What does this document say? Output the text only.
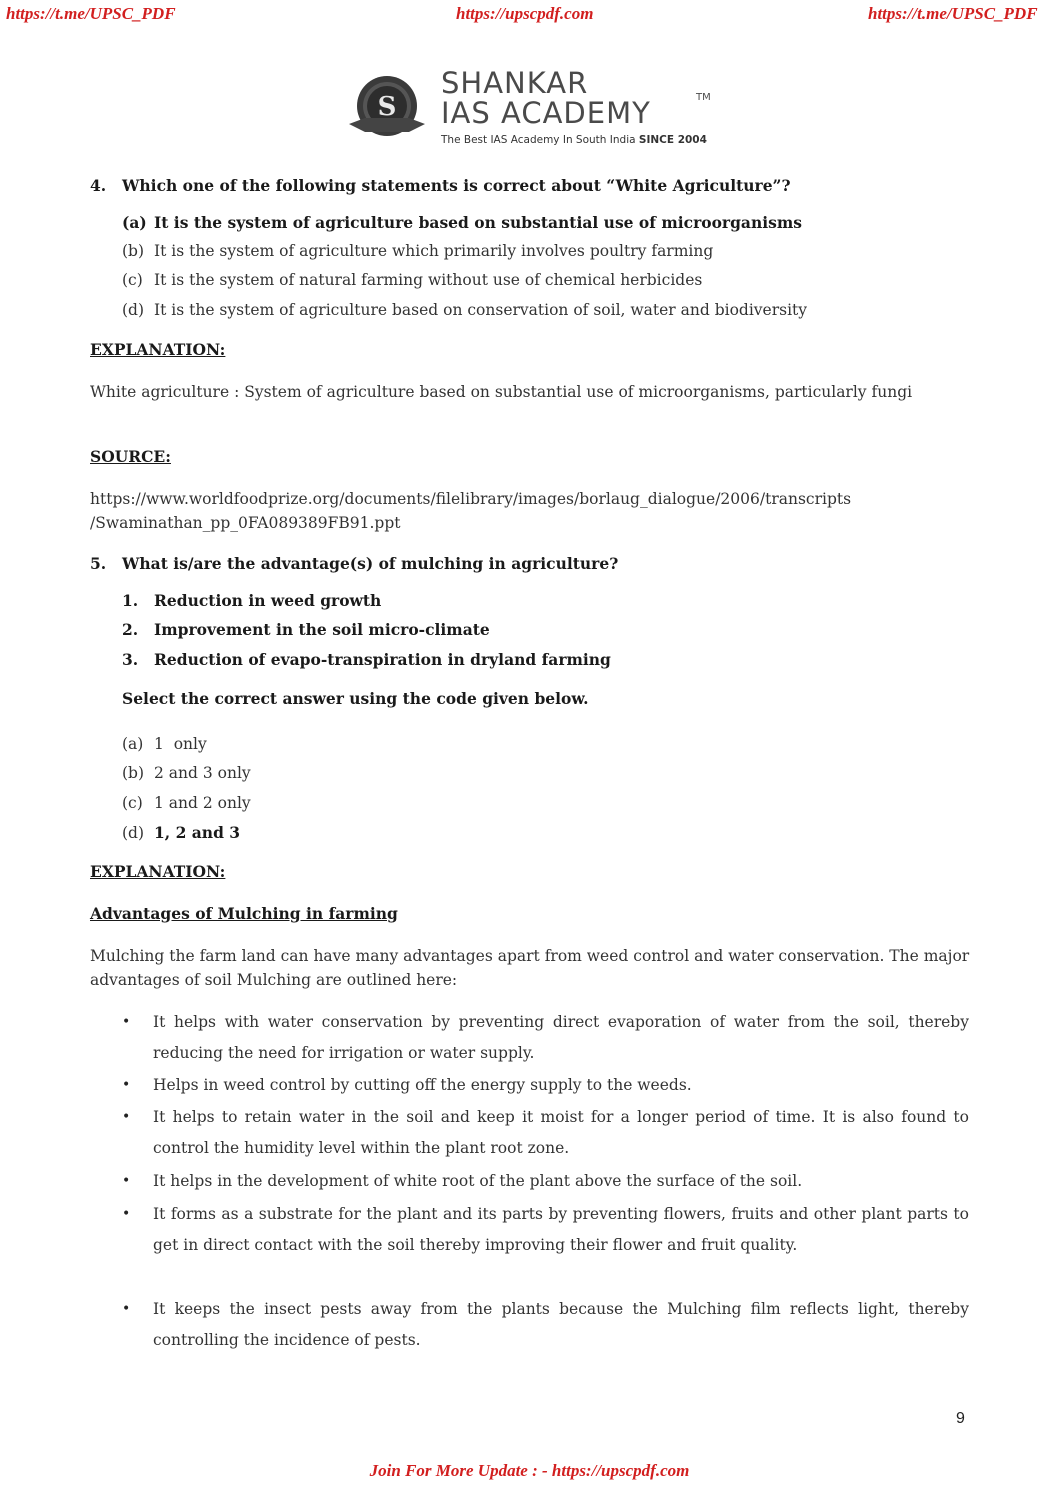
https://t.me/UPSC_PDF	https://upscpdf.com	https://t.me/UPSC_PDF
S
SHANKAR
IAS ACADEMY	TM
The Best IAS Academy In South India SINCE 2004
4. Which one of the following statements is correct about “White Agriculture”?
(a) It is the system of agriculture based on substantial use of microorganisms
(b) It is the system of agriculture which primarily involves poultry farming
(c) It is the system of natural farming without use of chemical herbicides
(d) It is the system of agriculture based on conservation of soil, water and biodiversity
EXPLANATION:
White agriculture : System of agriculture based on substantial use of microorganisms, particularly fungi
SOURCE:
https://www.worldfoodprize.org/documents/filelibrary/images/borlaug_dialogue/2006/transcripts
/Swaminathan_pp_0FA089389FB91.ppt
5. What is/are the advantage(s) of mulching in agriculture?
1. Reduction in weed growth
2. Improvement in the soil micro-climate
3. Reduction of evapo-transpiration in dryland farming
Select the correct answer using the code given below.
(a) 1  only
(b) 2 and 3 only
(c) 1 and 2 only
(d) 1, 2 and 3
EXPLANATION:
Advantages of Mulching in farming
Mulching the farm land can have many advantages apart from weed control and water conservation. The major advantages of soil Mulching are outlined here:
• It helps with water conservation by preventing direct evaporation of water from the soil, thereby reducing the need for irrigation or water supply.
• Helps in weed control by cutting off the energy supply to the weeds.
• It helps to retain water in the soil and keep it moist for a longer period of time. It is also found to control the humidity level within the plant root zone.
• It helps in the development of white root of the plant above the surface of the soil.
• It forms as a substrate for the plant and its parts by preventing flowers, fruits and other plant parts to get in direct contact with the soil thereby improving their flower and fruit quality.
• It keeps the insect pests away from the plants because the Mulching film reflects light, thereby controlling the incidence of pests.
9
Join For More Update : - https://upscpdf.com
